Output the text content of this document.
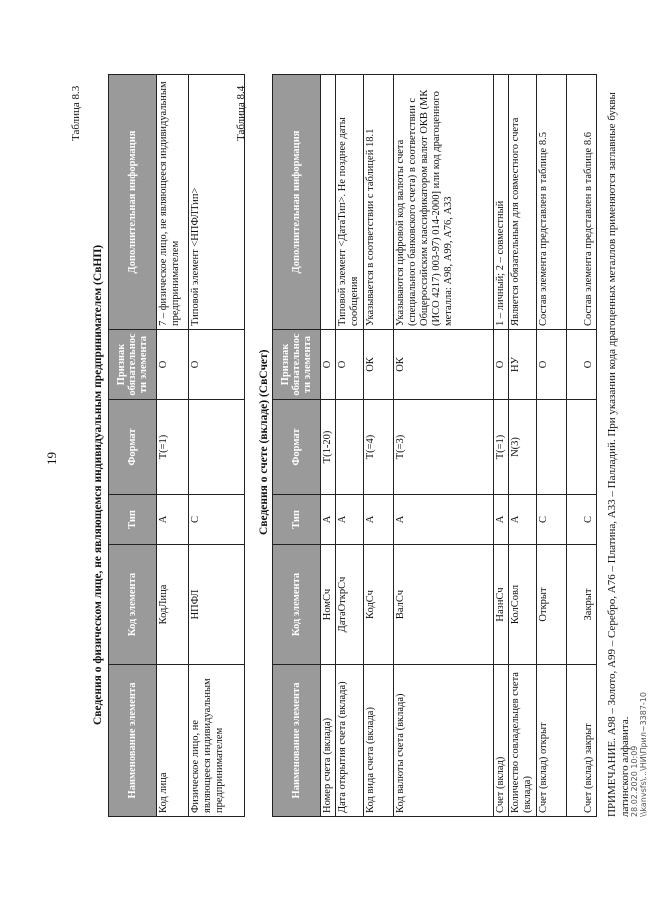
19
Таблица 8.3
Сведения о физическом лице, не являющемся индивидуальным предпринимателем (СвНП)
Наименование элемента	Код элемента	Тип	Формат	Признак обязательности элемента	Дополнительная информация
Код лица	КодЛица	А	Т(=1)	О	7 – физическое лицо, не являющееся индивидуальным предпринимателем
Физическое лицо, не являющееся индивидуальным предпринимателем	НПФЛ	С		О	Типовой элемент <НПФЛТип>
Таблица 8.4
Сведения о счете (вкладе) (СвСчет)
Наименование элемента	Код элемента	Тип	Формат	Признак обязательности элемента	Дополнительная информация
Номер счета (вклада)	НомСч	А	Т(1-20)	О	
Дата открытия счета (вклада)	ДатаОткрСч	А		О	Типовой элемент <ДатаТип>. Не позднее даты сообщения
Код вида счета (вклада)	КодСч	А	Т(=4)	ОК	Указывается в соответствии с таблицей 18.1
Код валюты счета (вклада)	ВалСч	А	Т(=3)	ОК	Указываются цифровой код валюты счета (специального банковского счета) в соответствии с Общероссийским классификатором валют ОКВ (МК (ИСО 4217) 003-97) 014-2000] или код драгоценного металла: А98, А99, А76, А33
Счет (вклад)	НазнСч	А	Т(=1)	О	1 – личный; 2 – совместный
Количество совладельцев счета (вклада)	КолСовл	А	N(3)	НУ	Является обязательным для совместного счета
Счет (вклад) открыт	Открыт	С		О	Состав элемента представлен в таблице 8.5
Счет (вклад) закрыт	Закрыт	С		О	Состав элемента представлен в таблице 8.6 ПРИМЕЧАНИЕ. А98 – Золото, А99 – Серебро, А76 – Платина, А33 – Палладий. При указании кода драгоценных металлов применяются заглавные буквы латинского алфавита. 28.02.2020 10:09 \\kanvsfs\...\НИ\Прил~3387-10
